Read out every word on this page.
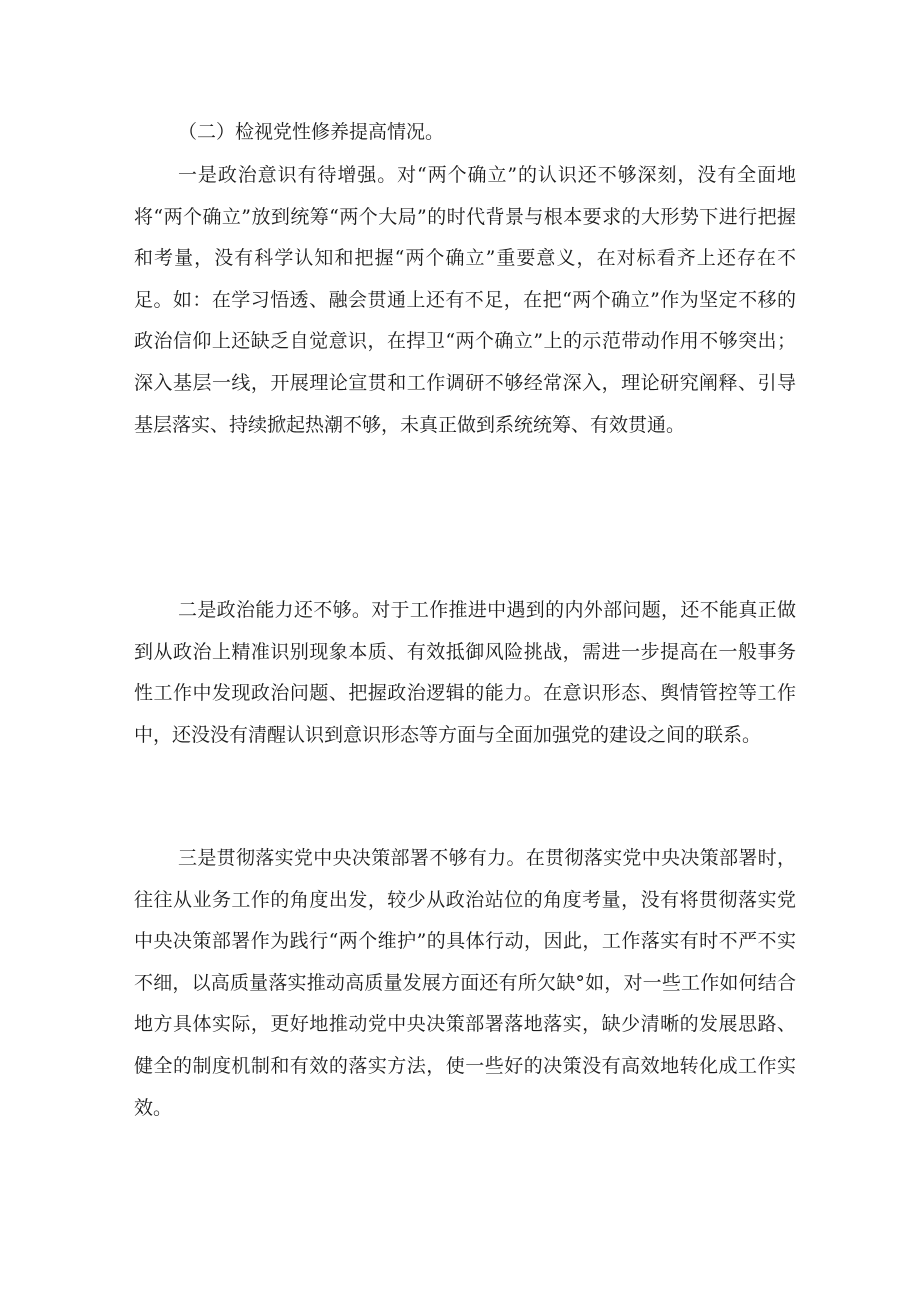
（二）检视党性修养提高情况。

一是政治意识有待增强。对“两个确立”的认识还不够深刻，没有全面地将“两个确立”放到统筹“两个大局”的时代背景与根本要求的大形势下进行把握和考量，没有科学认知和把握“两个确立”重要意义，在对标看齐上还存在不足。如：在学习悟透、融会贯通上还有不足，在把“两个确立”作为坚定不移的政治信仰上还缺乏自觉意识，在捍卫“两个确立”上的示范带动作用不够突出；深入基层一线，开展理论宣贯和工作调研不够经常深入，理论研究阐释、引导基层落实、持续掀起热潮不够，未真正做到系统统筹、有效贯通。

二是政治能力还不够。对于工作推进中遇到的内外部问题，还不能真正做到从政治上精准识别现象本质、有效抵御风险挑战，需进一步提高在一般事务性工作中发现政治问题、把握政治逻辑的能力。在意识形态、舆情管控等工作中，还没没有清醒认识到意识形态等方面与全面加强党的建设之间的联系。

三是贯彻落实党中央决策部署不够有力。在贯彻落实党中央决策部署时，往往从业务工作的角度出发，较少从政治站位的角度考量，没有将贯彻落实党中央决策部署作为践行“两个维护”的具体行动，因此，工作落实有时不严不实不细，以高质量落实推动高质量发展方面还有所欠缺°如，对一些工作如何结合地方具体实际，更好地推动党中央决策部署落地落实，缺少清晰的发展思路、健全的制度机制和有效的落实方法，使一些好的决策没有高效地转化成工作实效。
